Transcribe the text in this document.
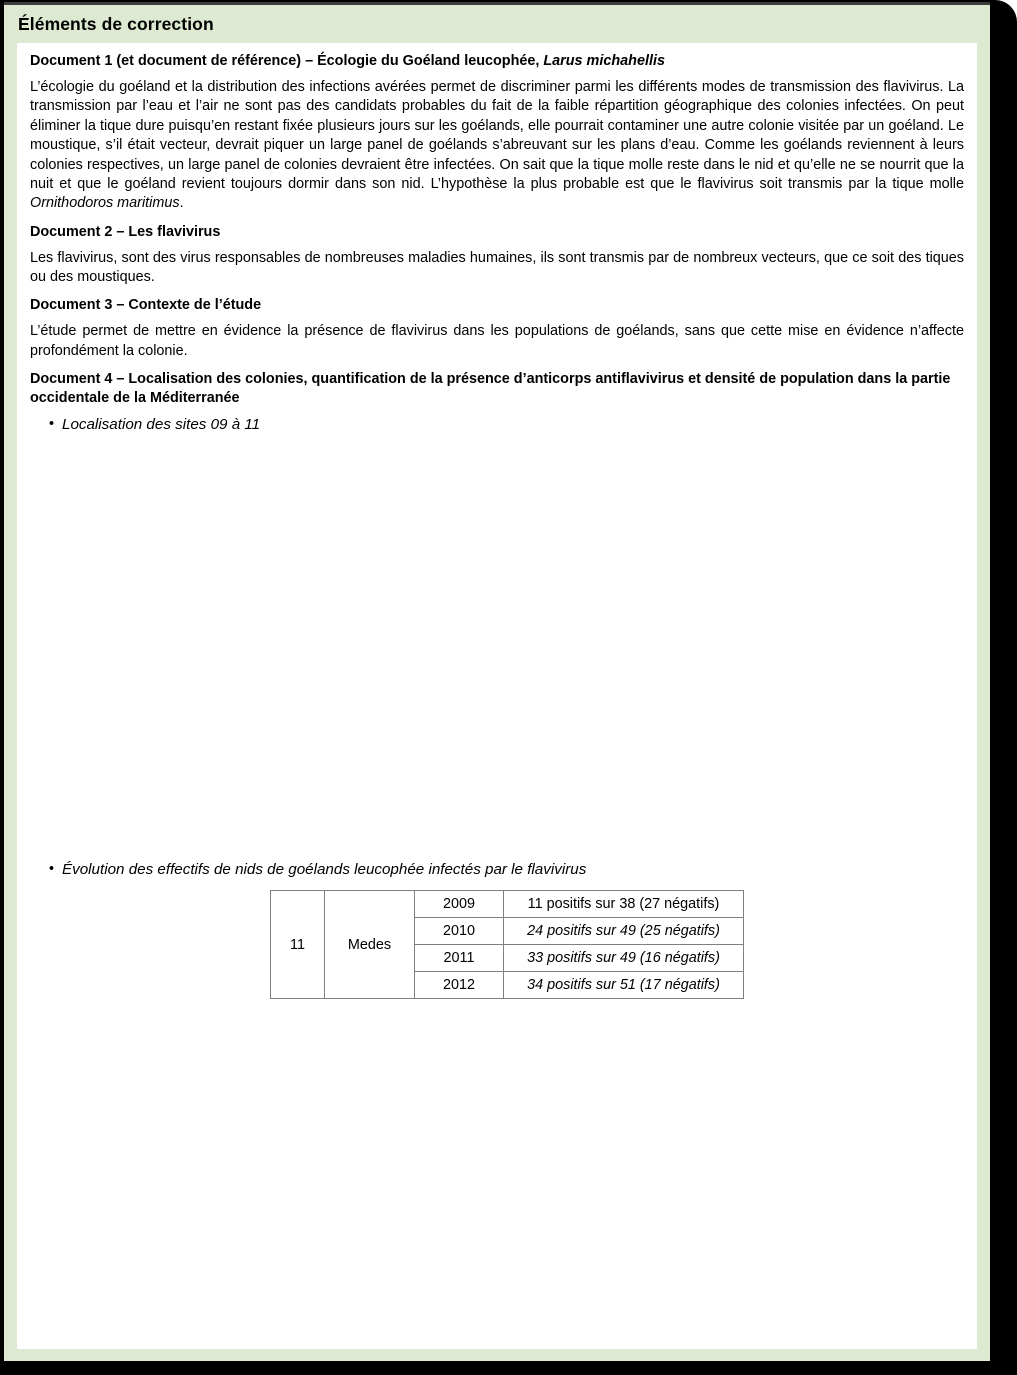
Éléments de correction

Document 1 (et document de référence) – Écologie du Goéland leucophée, Larus michahellis

L’écologie du goéland et la distribution des infections avérées permet de discriminer parmi les différents modes de transmission des flavivirus. La transmission par l’eau et l’air ne sont pas des candidats probables du fait de la faible répartition géographique des colonies infectées. On peut éliminer la tique dure puisqu’en restant fixée plusieurs jours sur les goélands, elle pourrait contaminer une autre colonie visitée par un goéland. Le moustique, s’il était vecteur, devrait piquer un large panel de goélands s’abreuvant sur les plans d’eau. Comme les goélands reviennent à leurs colonies respectives, un large panel de colonies devraient être infectées. On sait que la tique molle reste dans le nid et qu’elle ne se nourrit que la nuit et que le goéland revient toujours dormir dans son nid. L’hypothèse la plus probable est que le flavivirus soit transmis par la tique molle Ornithodoros maritimus.

Document 2 – Les flavivirus

Les flavivirus, sont des virus responsables de nombreuses maladies humaines, ils sont transmis par de nombreux vecteurs, que ce soit des tiques ou des moustiques.

Document 3 – Contexte de l’étude

L’étude permet de mettre en évidence la présence de flavivirus dans les populations de goélands, sans que cette mise en évidence n’affecte profondément la colonie.

Document 4 – Localisation des colonies, quantification de la présence d’anticorps antiflavivirus et densité de population dans la partie occidentale de la Méditerranée

• Localisation des sites 09 à 11
• Évolution des effectifs de nids de goélands leucophée infectés par le flavivirus
11	Medes	2009	11 positifs sur 38 (27 négatifs)
		2010	24 positifs sur 49 (25 négatifs)
		2011	33 positifs sur 49 (16 négatifs)
		2012	34 positifs sur 51 (17 négatifs)
